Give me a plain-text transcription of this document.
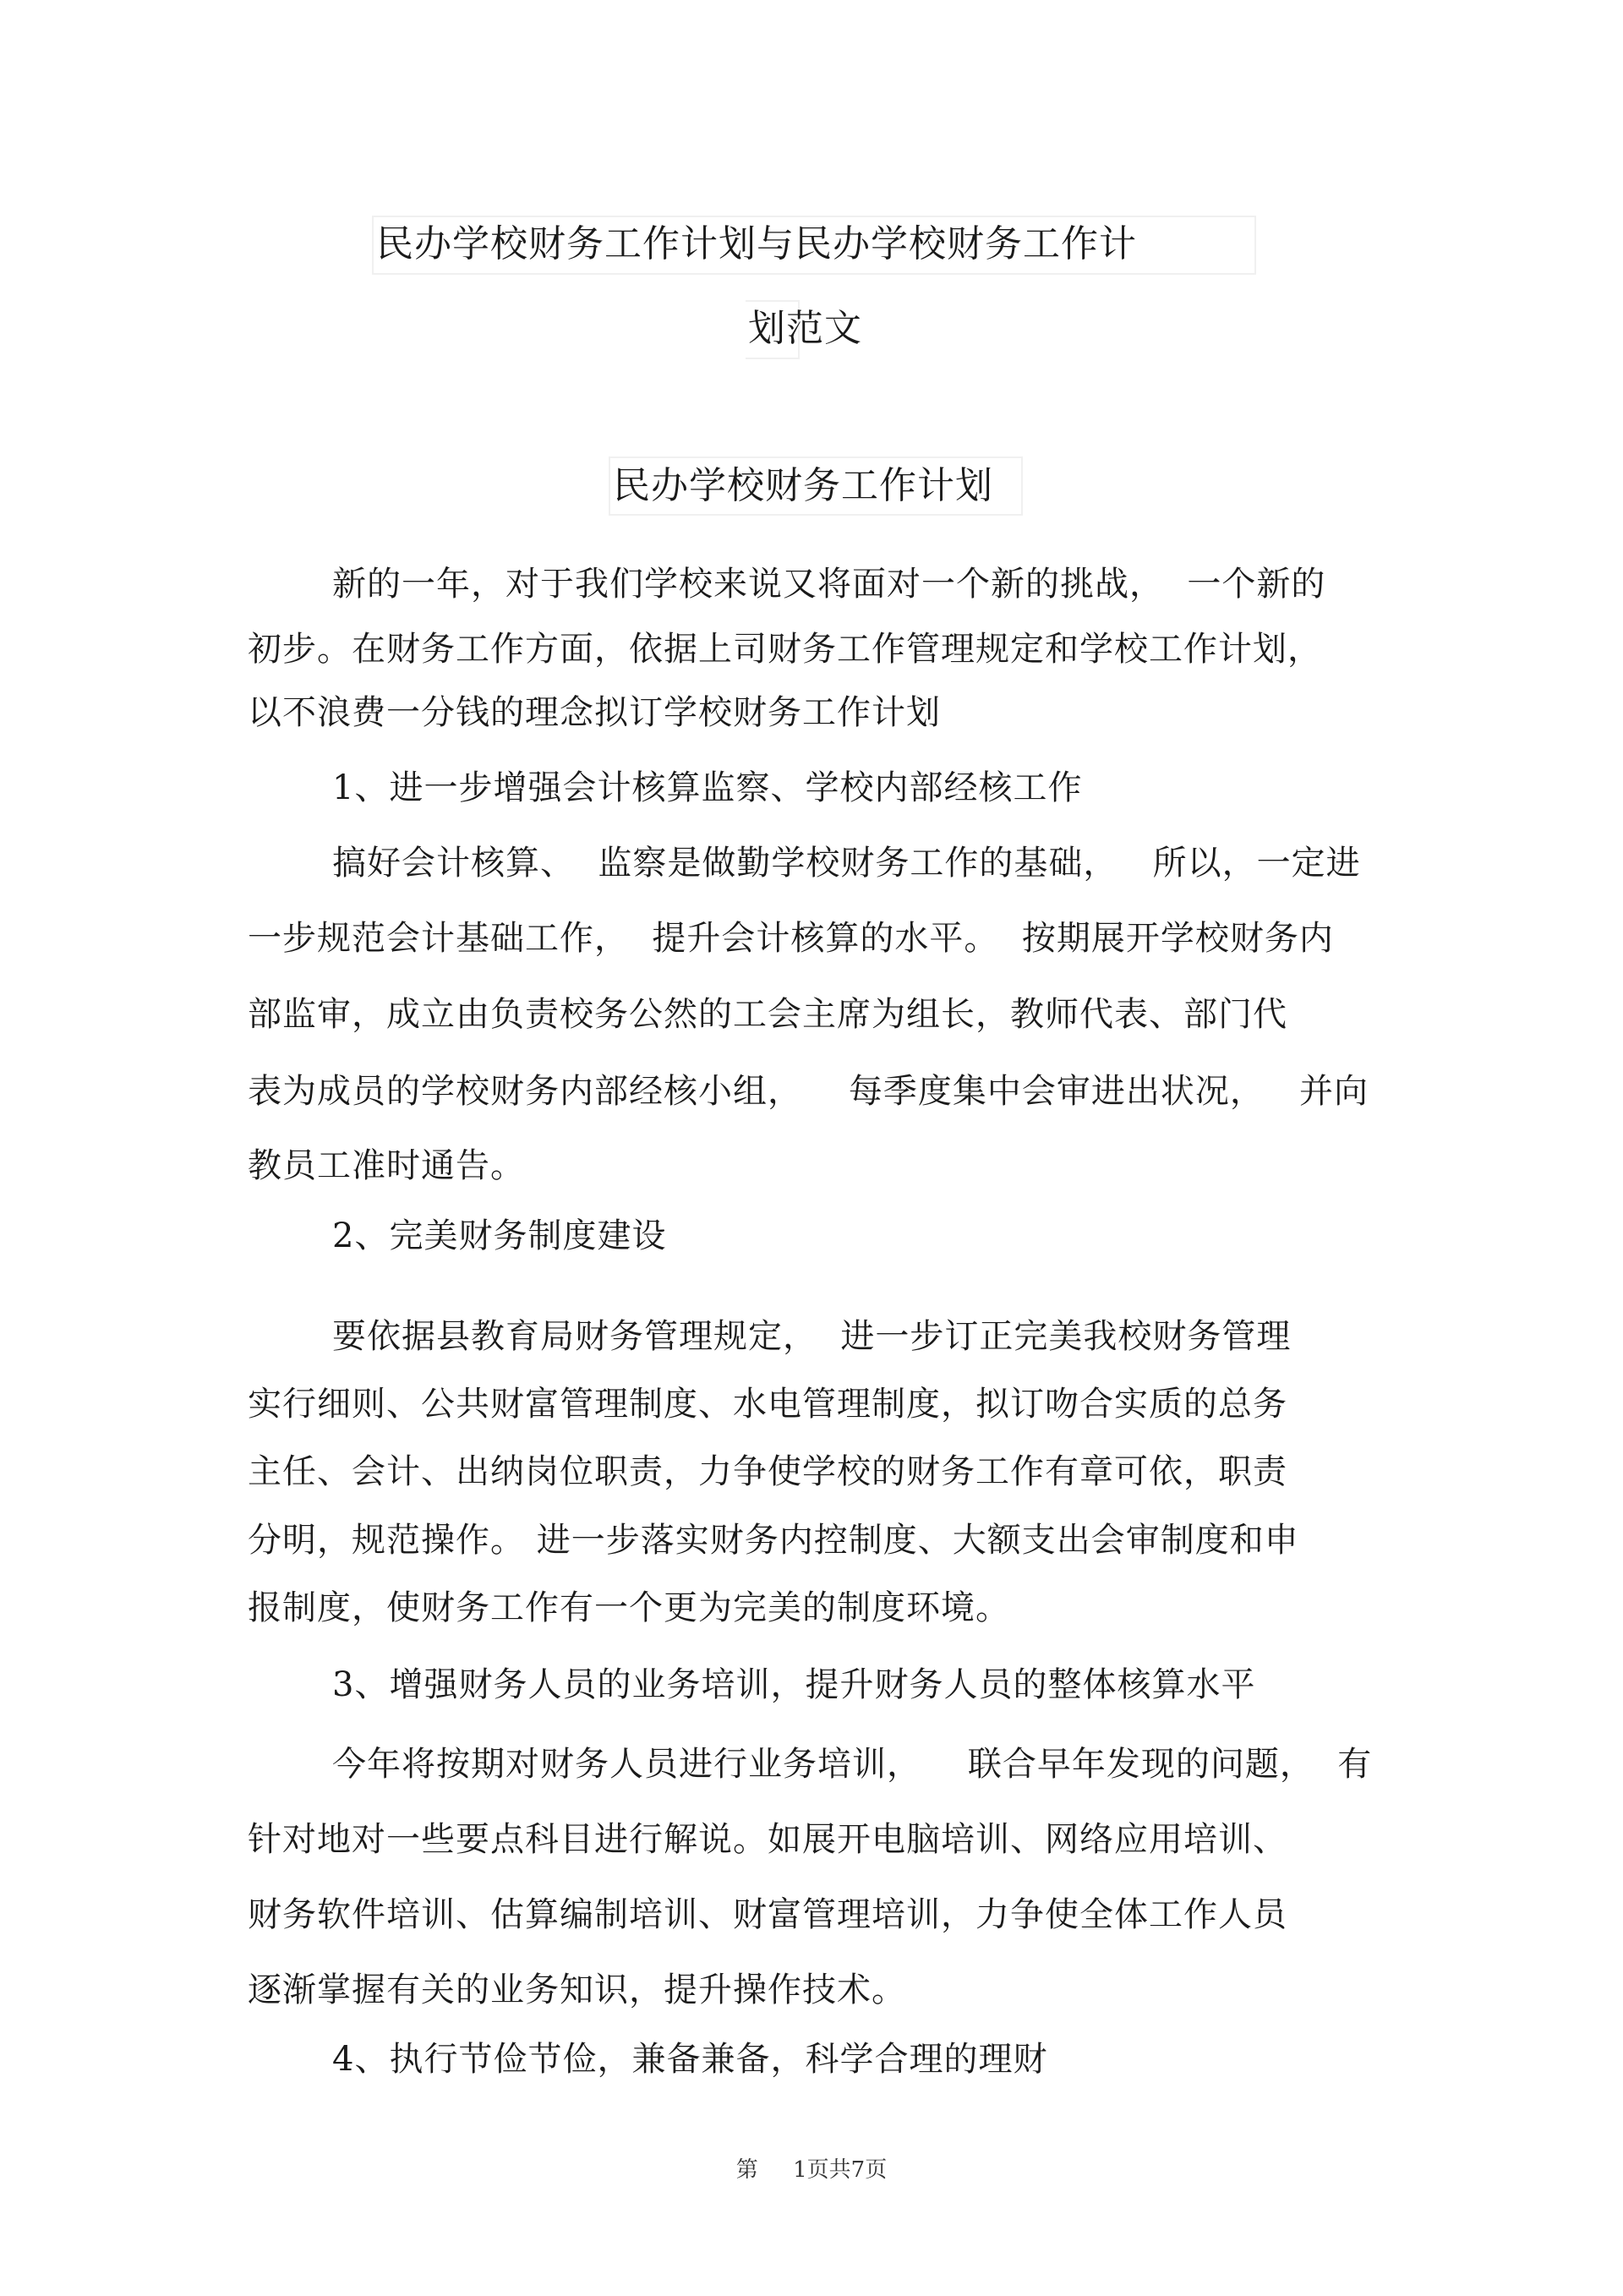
民办学校财务工作计划与民办学校财务工作计
划范文
民办学校财务工作计划
新的一年，对于我们学校来说又将面对一个新的挑战，  一个新的
初步。在财务工作方面，依据上司财务工作管理规定和学校工作计划，
以不浪费一分钱的理念拟订学校财务工作计划
1、进一步增强会计核算监察、学校内部经核工作
搞好会计核算、  监察是做勤学校财务工作的基础，   所以，一定进
一步规范会计基础工作，  提升会计核算的水平。  按期展开学校财务内
部监审，成立由负责校务公然的工会主席为组长，教师代表、部门代
表为成员的学校财务内部经核小组，    每季度集中会审进出状况，   并向
教员工准时通告。
2、完美财务制度建设
要依据县教育局财务管理规定，  进一步订正完美我校财务管理
实行细则、公共财富管理制度、水电管理制度，拟订吻合实质的总务
主任、会计、出纳岗位职责，力争使学校的财务工作有章可依，职责
分明，规范操作。 进一步落实财务内控制度、大额支出会审制度和申
报制度，使财务工作有一个更为完美的制度环境。
3、增强财务人员的业务培训，提升财务人员的整体核算水平
今年将按期对财务人员进行业务培训，    联合早年发现的问题，  有
针对地对一些要点科目进行解说。如展开电脑培训、网络应用培训、
财务软件培训、估算编制培训、财富管理培训，力争使全体工作人员
逐渐掌握有关的业务知识，提升操作技术。
4、执行节俭节俭，兼备兼备，科学合理的理财
第     1页共7页
